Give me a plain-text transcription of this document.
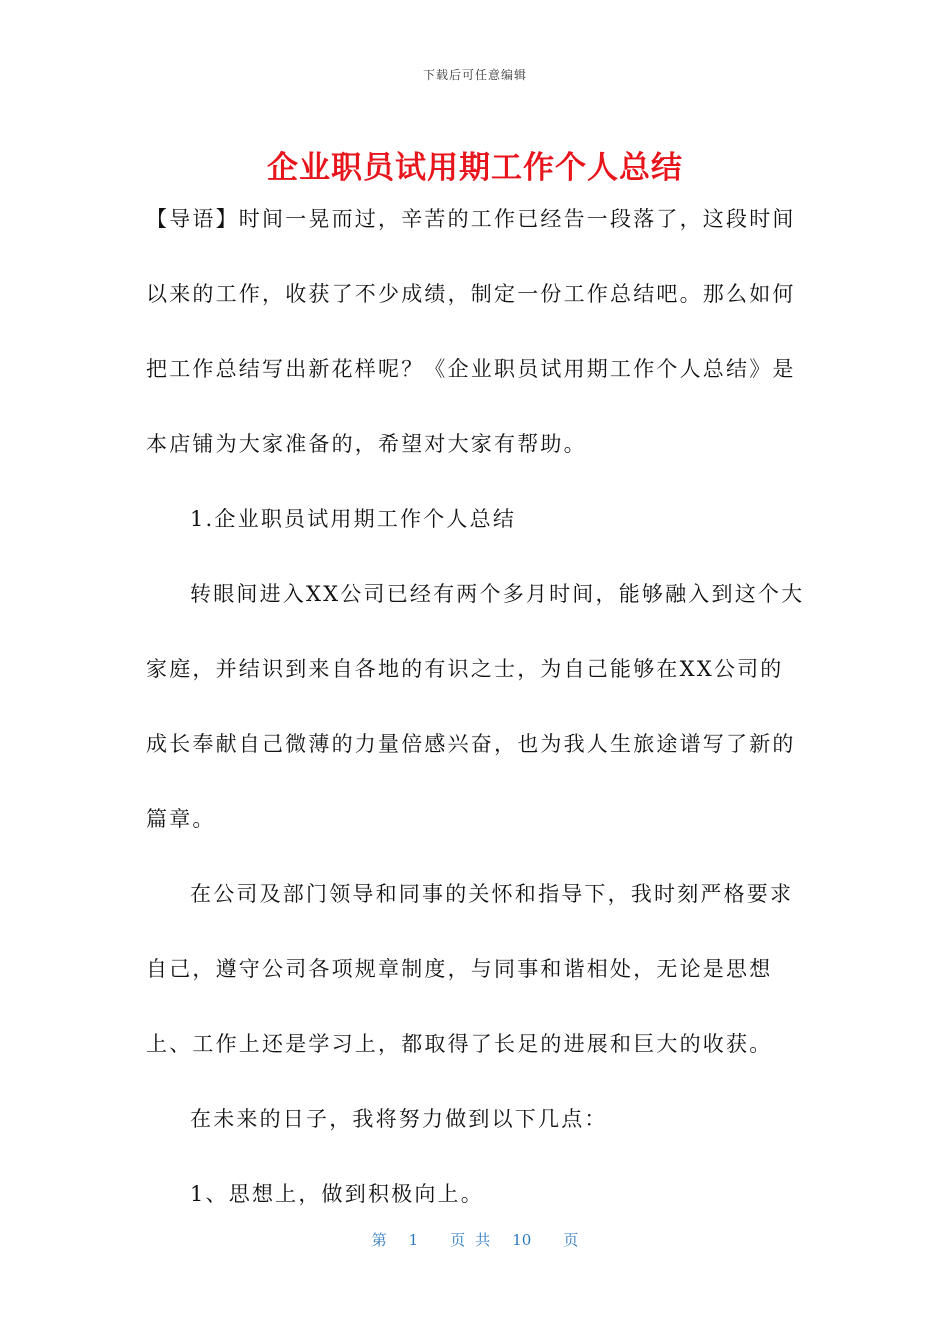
下载后可任意编辑
企业职员试用期工作个人总结

【导语】时间一晃而过，辛苦的工作已经告一段落了，这段时间以来的工作，收获了不少成绩，制定一份工作总结吧。那么如何把工作总结写出新花样呢？《企业职员试用期工作个人总结》是本店铺为大家准备的，希望对大家有帮助。

1.企业职员试用期工作个人总结

转眼间进入XX公司已经有两个多月时间，能够融入到这个大家庭，并结识到来自各地的有识之士，为自己能够在XX公司的成长奉献自己微薄的力量倍感兴奋，也为我人生旅途谱写了新的篇章。

在公司及部门领导和同事的关怀和指导下，我时刻严格要求自己，遵守公司各项规章制度，与同事和谐相处，无论是思想上、工作上还是学习上，都取得了长足的进展和巨大的收获。

在未来的日子，我将努力做到以下几点：

1、思想上，做到积极向上。

第 1 页 共 10 页
